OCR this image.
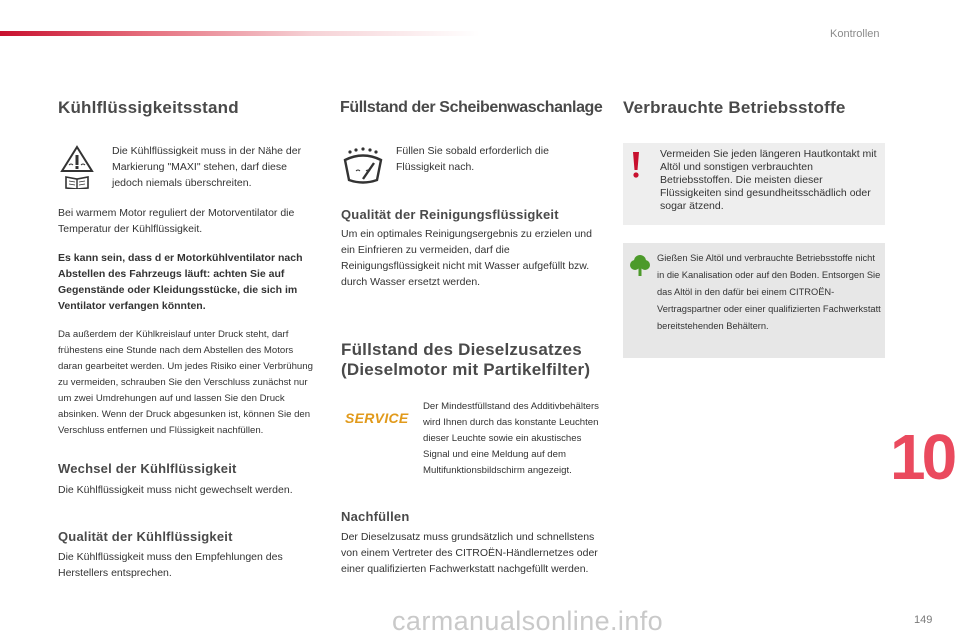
Kontrollen
Kühlflüssigkeitsstand
Die Kühlflüssigkeit muss in der Nähe der Markierung "MAXI" stehen, darf diese jedoch niemals überschreiten.
Bei warmem Motor reguliert der Motorventilator die Temperatur der Kühlflüssigkeit.
Es kann sein, dass d er Motorkühlventilator nach Abstellen des Fahrzeugs läuft: achten Sie auf Gegenstände oder Kleidungsstücke, die sich im Ventilator verfangen könnten.
Da außerdem der Kühlkreislauf unter Druck steht, darf frühestens eine Stunde nach dem Abstellen des Motors daran gearbeitet werden. Um jedes Risiko einer Verbrühung zu vermeiden, schrauben Sie den Verschluss zunächst nur um zwei Umdrehungen auf und lassen Sie den Druck absinken. Wenn der Druck abgesunken ist, können Sie den Verschluss entfernen und Flüssigkeit nachfüllen.
Wechsel der Kühlflüssigkeit
Die Kühlflüssigkeit muss nicht gewechselt werden.
Qualität der Kühlflüssigkeit
Die Kühlflüssigkeit muss den Empfehlungen des Herstellers entsprechen.
Füllstand der Scheibenwaschanlage
Füllen Sie sobald erforderlich die Flüssigkeit nach.
Qualität der Reinigungsflüssigkeit
Um ein optimales Reinigungsergebnis zu erzielen und ein Einfrieren zu vermeiden, darf die Reinigungsflüssigkeit nicht mit Wasser aufgefüllt bzw. durch Wasser ersetzt werden.
Füllstand des Dieselzusatzes (Dieselmotor mit Partikelfilter)
SERVICE
Der Mindestfüllstand des Additivbehälters wird Ihnen durch das konstante Leuchten dieser Leuchte sowie ein akustisches Signal und eine Meldung auf dem Multifunktionsbildschirm angezeigt.
Nachfüllen
Der Dieselzusatz muss grundsätzlich und schnellstens von einem Vertreter des CITROËN-Händlernetzes oder einer qualifizierten Fachwerkstatt nachgefüllt werden.
Verbrauchte Betriebsstoffe
Vermeiden Sie jeden längeren Hautkontakt mit Altöl und sonstigen verbrauchten Betriebsstoffen. Die meisten dieser Flüssigkeiten sind gesundheitsschädlich oder sogar ätzend.
Gießen Sie Altöl und verbrauchte Betriebsstoffe nicht in die Kanalisation oder auf den Boden. Entsorgen Sie das Altöl in den dafür bei einem CITROËN-Vertragspartner oder einer qualifizierten Fachwerkstatt bereitstehenden Behältern.
10
carmanualsonline.info	149
